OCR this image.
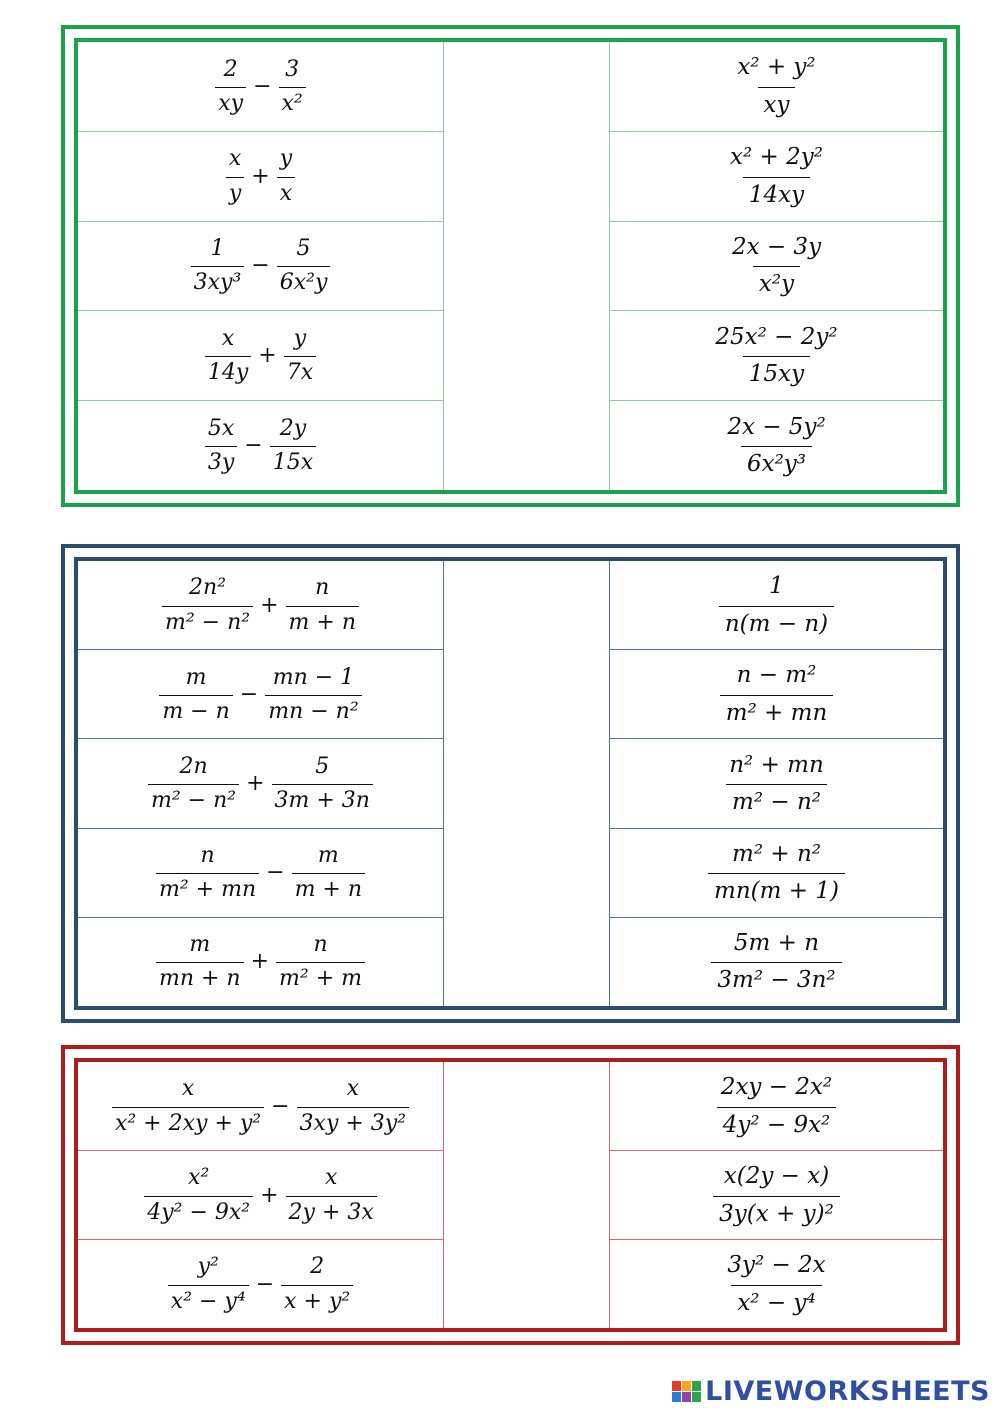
$\frac{2}{xy} - \frac{3}{\text{x²}}$
$\frac{x}{y} + \frac{y}{x}$
$\frac{1}{\text{3xy³}} - \frac{5}{\text{6x²y}}$
$\frac{x}{14y} + \frac{y}{7x}$
$\frac{5x}{3y} - \frac{2y}{15x}$
$\frac{\text{x² + y²}}{xy}$
$\frac{\text{x² + 2y²}}{14xy}$
$\frac{2x - 3y}{\text{x²y}}$
$\frac{\text{25x² − 2y²}}{15xy}$
$\frac{\text{2x − 5y²}}{\text{6x²y³}}$
$\frac{\text{2n²}}{\text{m² − n²}} + \frac{n}{m + n}$
$\frac{m}{m - n} - \frac{mn - 1}{\text{mn − n²}}$
$\frac{2n}{\text{m² − n²}} + \frac{5}{3m + 3n}$
$\frac{n}{\text{m² + mn}} - \frac{m}{m + n}$
$\frac{m}{mn + n} + \frac{n}{\text{m² + m}}$
$\frac{1}{n(m - n)}$
$\frac{\text{n − m²}}{\text{m² + mn}}$
$\frac{\text{n² + mn}}{\text{m² − n²}}$
$\frac{\text{m² + n²}}{mn(m + 1)}$
$\frac{5m + n}{\text{3m² − 3n²}}$
$\frac{x}{\text{x² + 2xy + y²}} - \frac{x}{\text{3xy + 3y²}}$
$\frac{\text{x²}}{\text{4y² − 9x²}} + \frac{x}{2y + 3x}$
$\frac{\text{y²}}{\text{x² − y⁴}} - \frac{2}{\text{x + y²}}$
$\frac{\text{2xy − 2x²}}{\text{4y² − 9x²}}$
$\frac{x(2y - x)}{\text{3y(x + y)²}}$
$\frac{\text{3y² − 2x}}{\text{x² − y⁴}}$
LIVEWORKSHEETS
